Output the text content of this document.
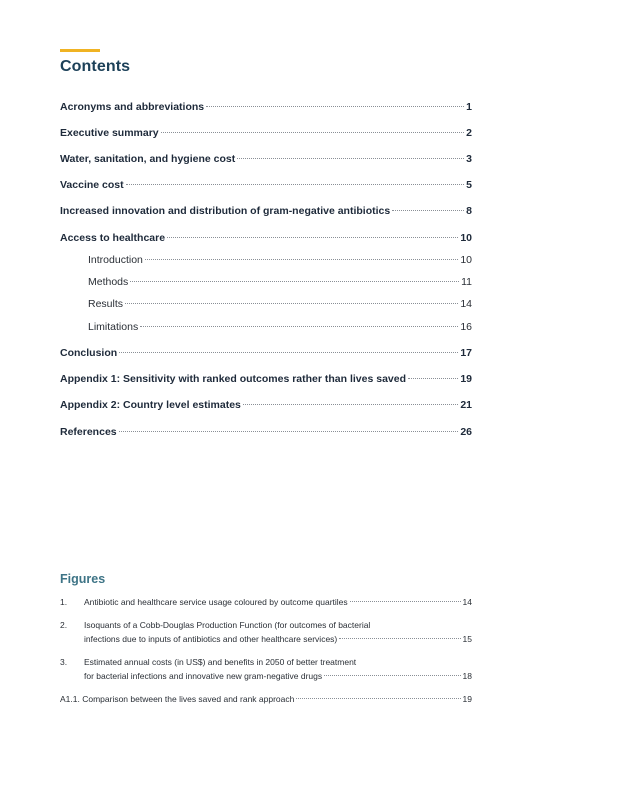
Contents
Acronyms and abbreviations	1
Executive summary	2
Water, sanitation, and hygiene cost	3
Vaccine cost	5
Increased innovation and distribution of gram-negative antibiotics	8
Access to healthcare	10
Introduction	10
Methods	11
Results	14
Limitations	16
Conclusion	17
Appendix 1: Sensitivity with ranked outcomes rather than lives saved	19
Appendix 2: Country level estimates	21
References	26
Figures
1. Antibiotic and healthcare service usage coloured by outcome quartiles	14
2. Isoquants of a Cobb-Douglas Production Function (for outcomes of bacterial
infections due to inputs of antibiotics and other healthcare services)	15
3. Estimated annual costs (in US$) and benefits in 2050 of better treatment
for bacterial infections and innovative new gram-negative drugs	18
A1.1. Comparison between the lives saved and rank approach	19
